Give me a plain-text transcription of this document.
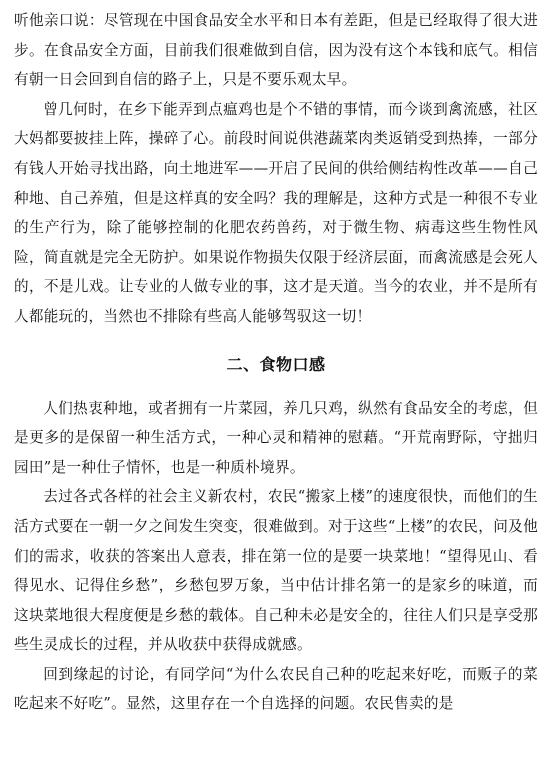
听他亲口说：尽管现在中国食品安全水平和日本有差距，但是已经取得了很大进步。在食品安全方面，目前我们很难做到自信，因为没有这个本钱和底气。相信有朝一日会回到自信的路子上，只是不要乐观太早。

曾几何时，在乡下能弄到点瘟鸡也是个不错的事情，而今谈到禽流感，社区大妈都要披挂上阵，操碎了心。前段时间说供港蔬菜肉类返销受到热捧，一部分有钱人开始寻找出路，向土地进军——开启了民间的供给侧结构性改革——自己种地、自己养殖，但是这样真的安全吗？我的理解是，这种方式是一种很不专业的生产行为，除了能够控制的化肥农药兽药，对于微生物、病毒这些生物性风险，简直就是完全无防护。如果说作物损失仅限于经济层面，而禽流感是会死人的，不是儿戏。让专业的人做专业的事，这才是天道。当今的农业，并不是所有人都能玩的，当然也不排除有些高人能够驾驭这一切！

二、食物口感

人们热衷种地，或者拥有一片菜园，养几只鸡，纵然有食品安全的考虑，但是更多的是保留一种生活方式，一种心灵和精神的慰藉。“开荒南野际，守拙归园田”是一种仕子情怀，也是一种质朴境界。

去过各式各样的社会主义新农村，农民“搬家上楼”的速度很快，而他们的生活方式要在一朝一夕之间发生突变，很难做到。对于这些“上楼”的农民，问及他们的需求，收获的答案出人意表，排在第一位的是要一块菜地！“望得见山、看得见水、记得住乡愁”，乡愁包罗万象，当中估计排名第一的是家乡的味道，而这块菜地很大程度便是乡愁的载体。自己种未必是安全的，往往人们只是享受那些生灵成长的过程，并从收获中获得成就感。

回到缘起的讨论，有同学问“为什么农民自己种的吃起来好吃，而贩子的菜吃起来不好吃”。显然，这里存在一个自选择的问题。农民售卖的是
